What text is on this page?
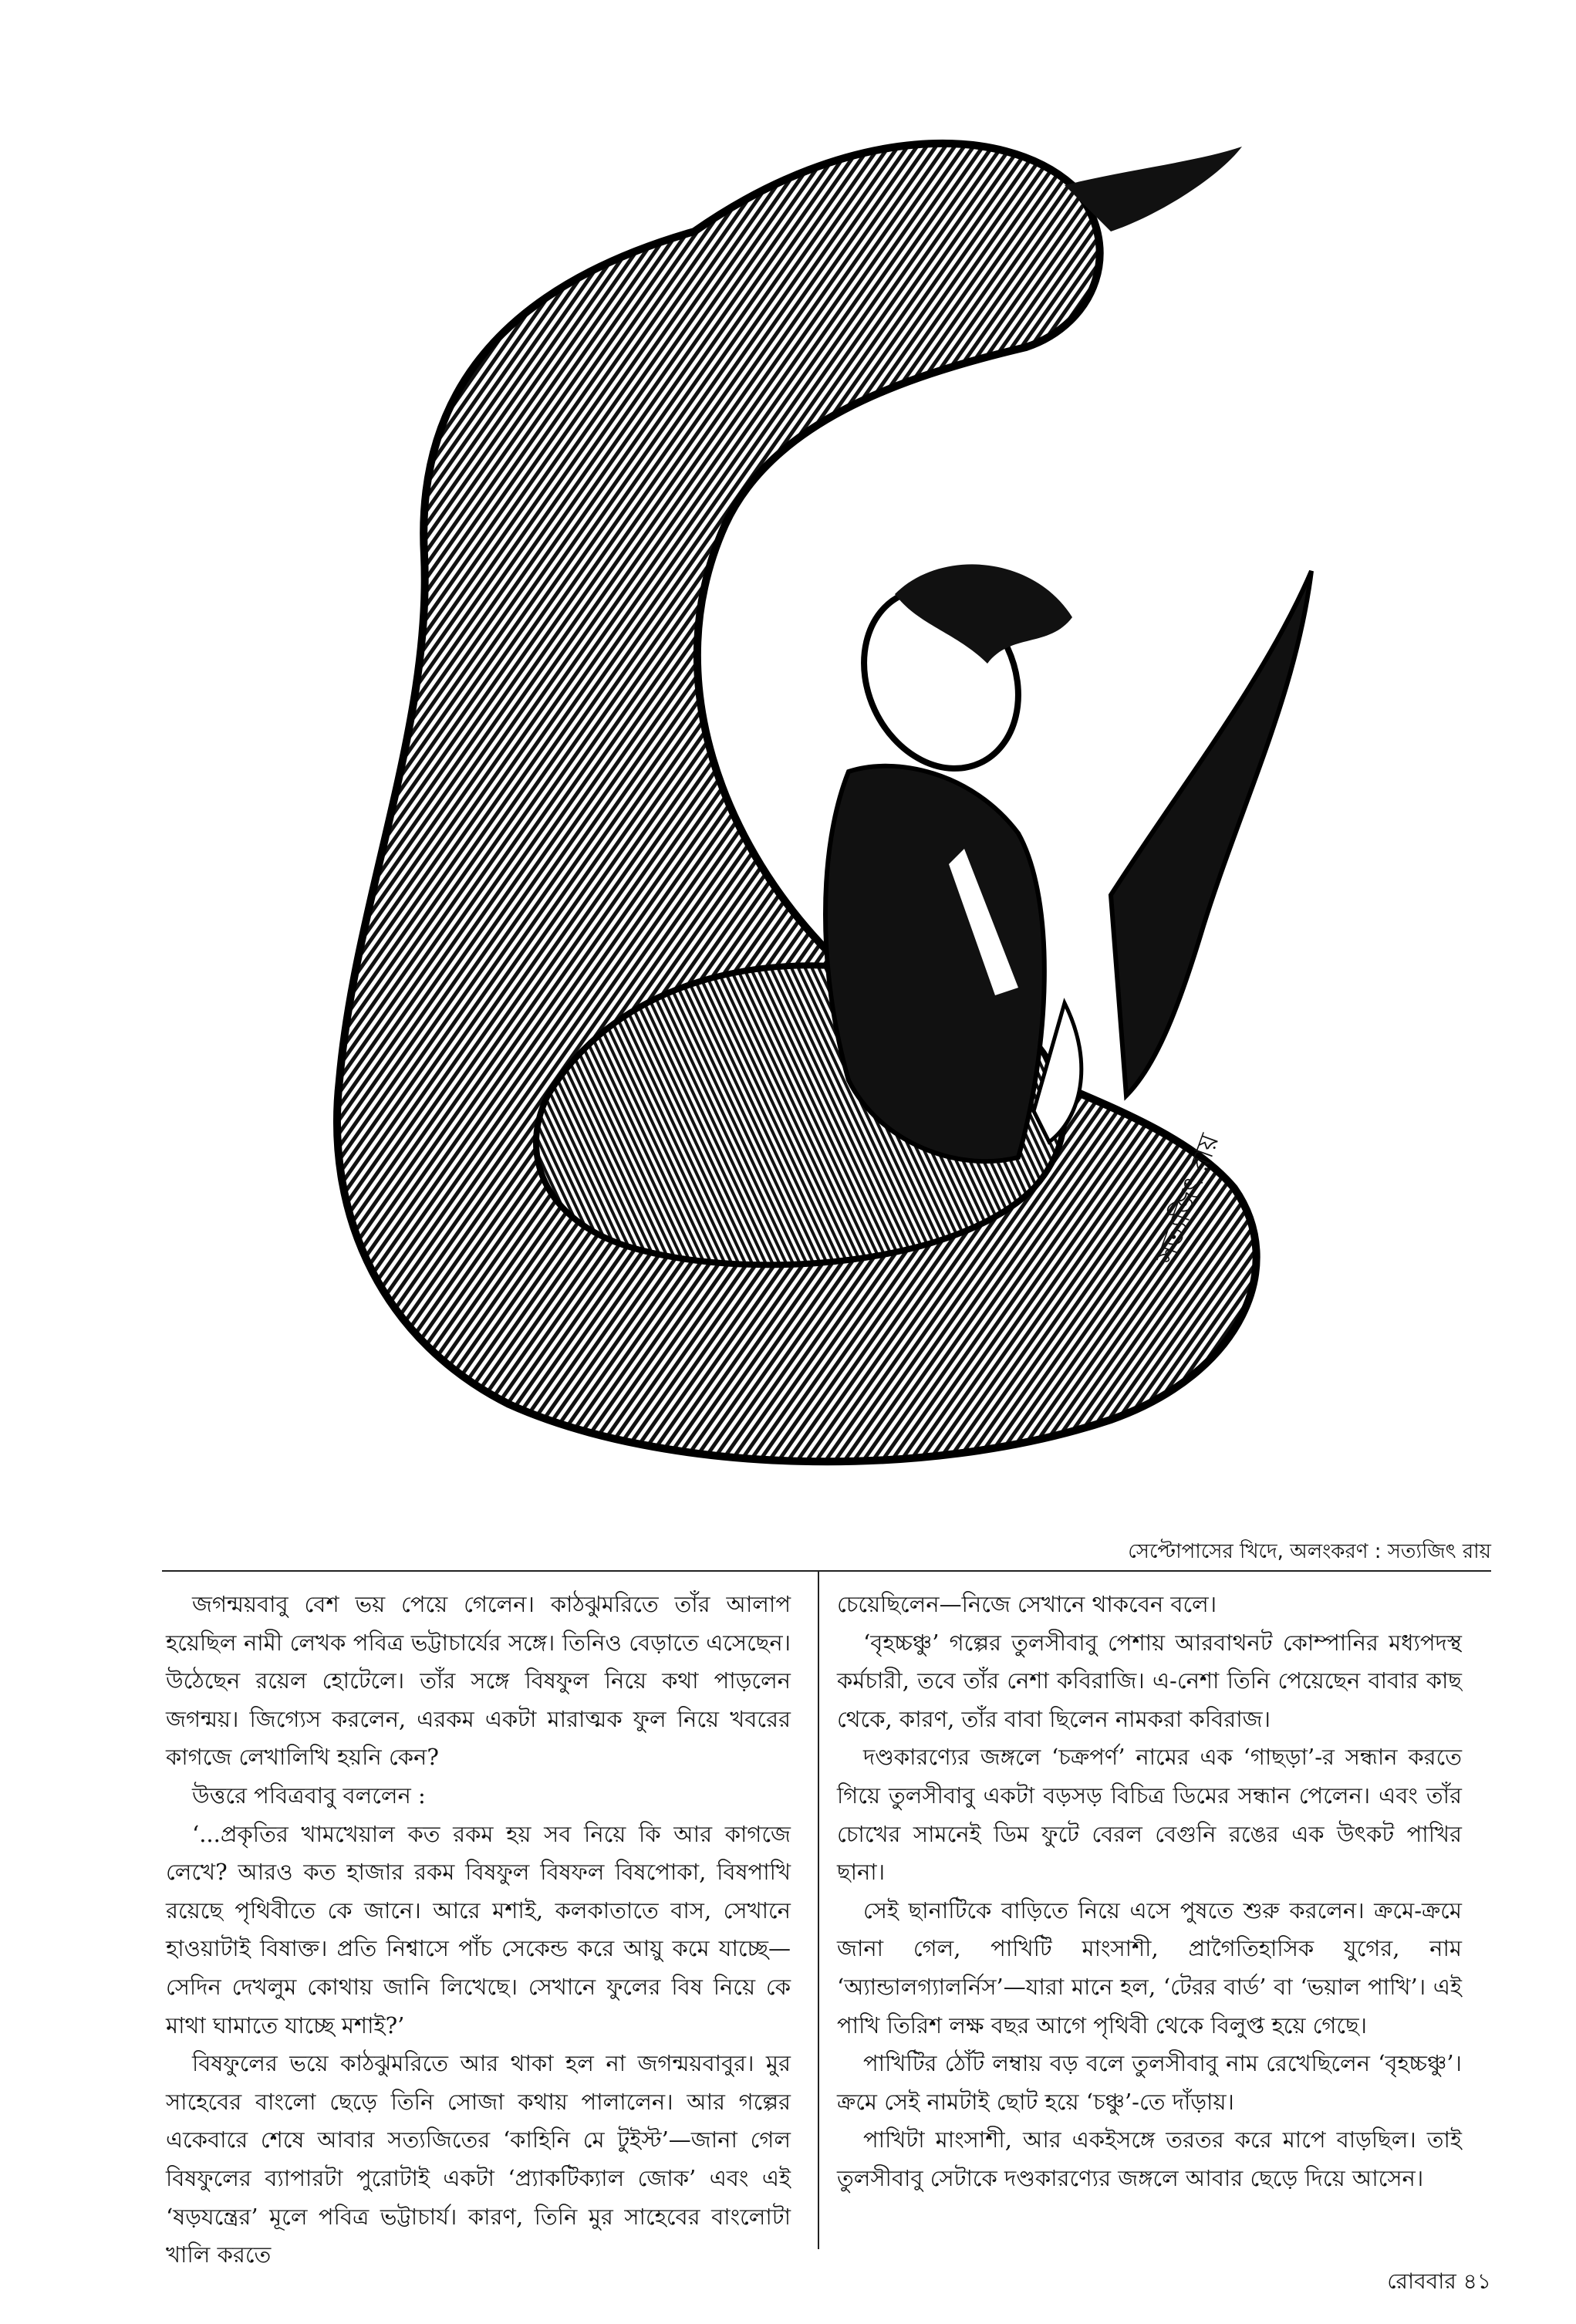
সত্যজিৎ রায়
সেপ্টোপাসের খিদে, অলংকরণ : সত্যজিৎ রায়

জগন্ময়বাবু বেশ ভয় পেয়ে গেলেন। কাঠঝুমরিতে তাঁর আলাপ হয়েছিল নামী লেখক পবিত্র ভট্টাচার্যের সঙ্গে। তিনিও বেড়াতে এসেছেন। উঠেছেন রয়েল হোটেলে। তাঁর সঙ্গে বিষফুল নিয়ে কথা পাড়লেন জগন্ময়। জিগ্যেস করলেন, এরকম একটা মারাত্মক ফুল নিয়ে খবরের কাগজে লেখালিখি হয়নি কেন?

উত্তরে পবিত্রবাবু বললেন :

‘...প্রকৃতির খামখেয়াল কত রকম হয় সব নিয়ে কি আর কাগজে লেখে? আরও কত হাজার রকম বিষফুল বিষফল বিষপোকা, বিষপাখি রয়েছে পৃথিবীতে কে জানে। আরে মশাই, কলকাতাতে বাস, সেখানে হাওয়াটাই বিষাক্ত। প্রতি নিশ্বাসে পাঁচ সেকেন্ড করে আয়ু কমে যাচ্ছে—সেদিন দেখলুম কোথায় জানি লিখেছে। সেখানে ফুলের বিষ নিয়ে কে মাথা ঘামাতে যাচ্ছে মশাই?’

বিষফুলের ভয়ে কাঠঝুমরিতে আর থাকা হল না জগন্ময়বাবুর। মুর সাহেবের বাংলো ছেড়ে তিনি সোজা কথায় পালালেন। আর গল্পের একেবারে শেষে আবার সত্যজিতের ‘কাহিনি মে টুইস্ট’—জানা গেল বিষফুলের ব্যাপারটা পুরোটাই একটা ‘প্র্যাকটিক্যাল জোক’ এবং এই ‘ষড়যন্ত্রের’ মূলে পবিত্র ভট্টাচার্য। কারণ, তিনি মুর সাহেবের বাংলোটা খালি করতে

চেয়েছিলেন—নিজে সেখানে থাকবেন বলে।

‘বৃহচ্চঞ্চু’ গল্পের তুলসীবাবু পেশায় আরবাথনট কোম্পানির মধ্যপদস্থ কর্মচারী, তবে তাঁর নেশা কবিরাজি। এ-নেশা তিনি পেয়েছেন বাবার কাছ থেকে, কারণ, তাঁর বাবা ছিলেন নামকরা কবিরাজ।

দণ্ডকারণ্যের জঙ্গলে ‘চক্রপর্ণ’ নামের এক ‘গাছড়া’-র সন্ধান করতে গিয়ে তুলসীবাবু একটা বড়সড় বিচিত্র ডিমের সন্ধান পেলেন। এবং তাঁর চোখের সামনেই ডিম ফুটে বেরল বেগুনি রঙের এক উৎকট পাখির ছানা।

সেই ছানাটিকে বাড়িতে নিয়ে এসে পুষতে শুরু করলেন। ক্রমে-ক্রমে জানা গেল, পাখিটি মাংসাশী, প্রাগৈতিহাসিক যুগের, নাম ‘অ্যান্ডালগ্যালর্নিস’—যারা মানে হল, ‘টেরর বার্ড’ বা ‘ভয়াল পাখি’। এই পাখি তিরিশ লক্ষ বছর আগে পৃথিবী থেকে বিলুপ্ত হয়ে গেছে।

পাখিটির ঠোঁট লম্বায় বড় বলে তুলসীবাবু নাম রেখেছিলেন ‘বৃহচ্চঞ্চু’। ক্রমে সেই নামটাই ছোট হয়ে ‘চঞ্চু’-তে দাঁড়ায়।

পাখিটা মাংসাশী, আর একইসঙ্গে তরতর করে মাপে বাড়ছিল। তাই তুলসীবাবু সেটাকে দণ্ডকারণ্যের জঙ্গলে আবার ছেড়ে দিয়ে আসেন।

রোববার ৪১
